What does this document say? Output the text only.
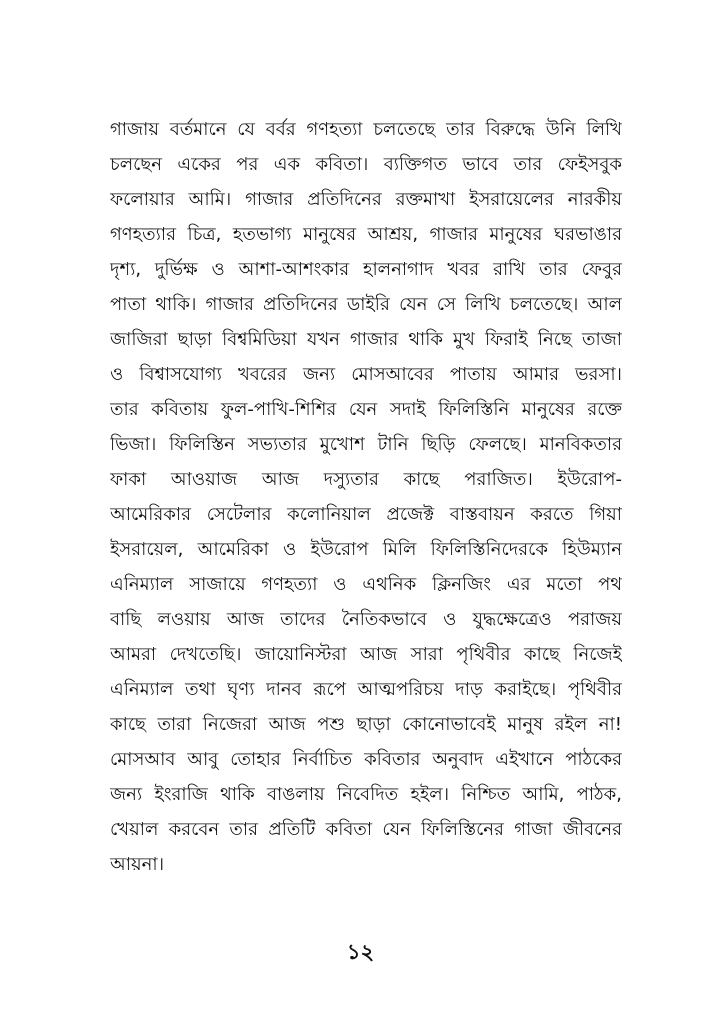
গাজায় বর্তমানে যে বর্বর গণহত্যা চলতেছে তার বিরুদ্ধে উনি লিখি
চলছেন একের পর এক কবিতা। ব্যক্তিগত ভাবে তার ফেইসবুক
ফলোয়ার আমি। গাজার প্রতিদিনের রক্তমাখা ইসরায়েলের নারকীয়
গণহত্যার চিত্র, হতভাগ্য মানুষের আশ্রয়, গাজার মানুষের ঘরভাঙার
দৃশ্য, দুর্ভিক্ষ ও আশা-আশংকার হালনাগাদ খবর রাখি তার ফেবুর
পাতা থাকি। গাজার প্রতিদিনের ডাইরি যেন সে লিখি চলতেছে। আল
জাজিরা ছাড়া বিশ্বমিডিয়া যখন গাজার থাকি মুখ ফিরাই নিছে তাজা
ও বিশ্বাসযোগ্য খবরের জন্য মোসআবের পাতায় আমার ভরসা।
তার কবিতায় ফুল-পাখি-শিশির যেন সদাই ফিলিস্তিনি মানুষের রক্তে
ভিজা। ফিলিস্তিন সভ্যতার মুখোশ টানি ছিড়ি ফেলছে। মানবিকতার
ফাকা আওয়াজ আজ দস্যুতার কাছে পরাজিত। ইউরোপ-
আমেরিকার সেটেলার কলোনিয়াল প্রজেক্ট বাস্তবায়ন করতে গিয়া
ইসরায়েল, আমেরিকা ও ইউরোপ মিলি ফিলিস্তিনিদেরকে হিউম্যান
এনিম্যাল সাজায়ে গণহত্যা ও এথনিক ক্লিনজিং এর মতো পথ
বাছি লওয়ায় আজ তাদের নৈতিকভাবে ও যুদ্ধক্ষেত্রেও পরাজয়
আমরা দেখতেছি। জায়োনিস্টরা আজ সারা পৃথিবীর কাছে নিজেই
এনিম্যাল তথা ঘৃণ্য দানব রূপে আত্মপরিচয় দাড় করাইছে। পৃথিবীর
কাছে তারা নিজেরা আজ পশু ছাড়া কোনোভাবেই মানুষ রইল না!
মোসআব আবু তোহার নির্বাচিত কবিতার অনুবাদ এইখানে পাঠকের
জন্য ইংরাজি থাকি বাঙলায় নিবেদিত হইল। নিশ্চিত আমি, পাঠক,
খেয়াল করবেন তার প্রতিটি কবিতা যেন ফিলিস্তিনের গাজা জীবনের
আয়না।
১২
